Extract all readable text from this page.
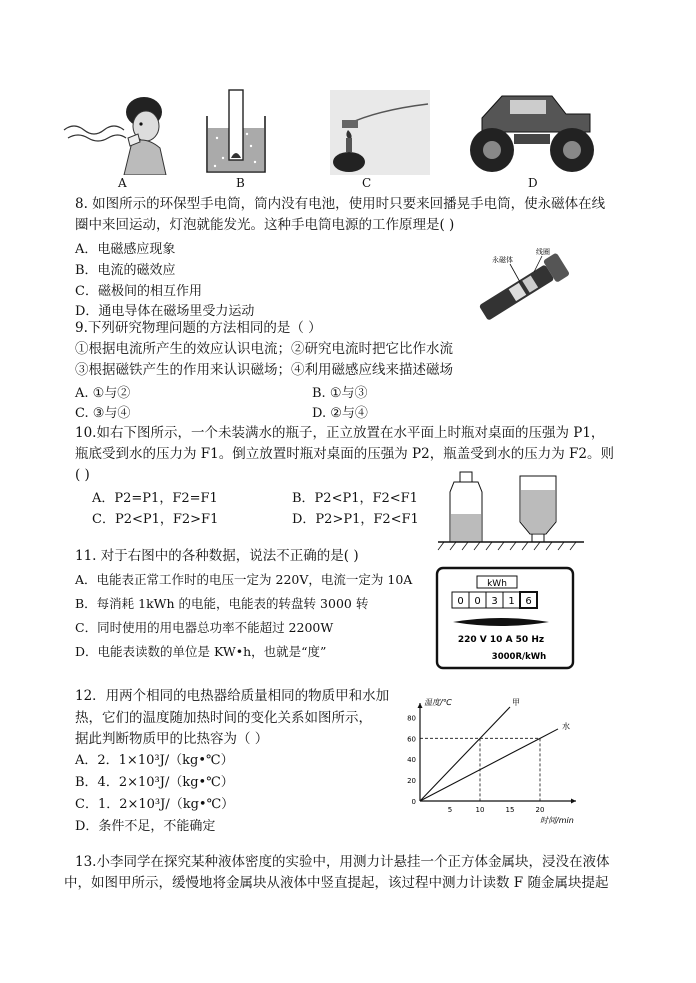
A	B	C	D
8. 如图所示的环保型手电筒，筒内没有电池，使用时只要来回播晃手电筒，使永磁体在线
圈中来回运动，灯泡就能发光。这种手电筒电源的工作原理是( )
A．电磁感应现象
B．电流的磁效应
C．磁极间的相互作用
D．通电导体在磁场里受力运动
永磁体
线圈
9.下列研究物理问题的方法相同的是（ ）
①根据电流所产生的效应认识电流；②研究电流时把它比作水流
③根据磁铁产生的作用来认识磁场；④利用磁感应线来描述磁场
A. ①与②	B. ①与③
C. ③与④	D. ②与④
10.如右下图所示，一个未装满水的瓶子，正立放置在水平面上时瓶对桌面的压强为 P1，
瓶底受到水的压力为 F1。倒立放置时瓶对桌面的压强为 P2，瓶盖受到水的压力为 F2。则
( )
A．P2=P1，F2=F1	B．P2<P1，F2<F1
C．P2<P1，F2>F1	D．P2>P1，F2<F1
11. 对于右图中的各种数据，说法不正确的是( )
A．电能表正常工作时的电压一定为 220V，电流一定为 10A
B．每消耗 1kWh 的电能，电能表的转盘转 3000 转
C．同时使用的用电器总功率不能超过 2200W
D．电能表读数的单位是 KW•h，也就是“度”
kWh
0 0 3 1 6
220 V 10 A 50 Hz
3000R/kWh
12．用两个相同的电热器给质量相同的物质甲和水加
热，它们的温度随加热时间的变化关系如图所示，
据此判断物质甲的比热容为（ ）
A．2．1×10³J/（kg•℃）
B．4．2×10³J/（kg•℃）
C．1．2×10³J/（kg•℃）
D．条件不足，不能确定
温度/℃
时间/min
5	10	15	20
0
20
40
60
80
甲
水
13.小李同学在探究某种液体密度的实验中，用测力计悬挂一个正方体金属块，浸没在液体
中，如图甲所示，缓慢地将金属块从液体中竖直提起，该过程中测力计读数 F 随金属块提起
